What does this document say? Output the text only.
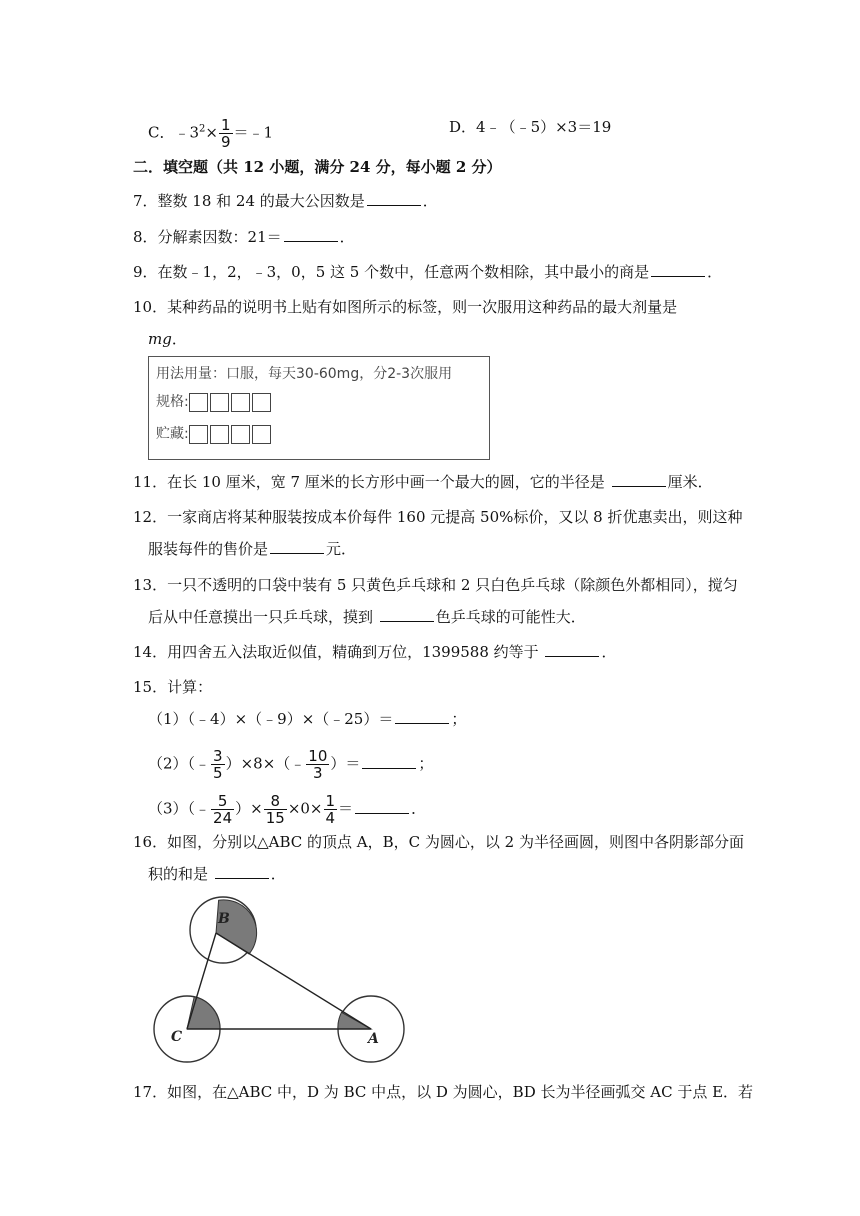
C．$﹣3^2\times \frac{1}{9}$ ＝﹣1	D．4﹣（﹣5）×3＝19
二．填空题（共 12 小题，满分 24 分，每小题 2 分）
7．整数 18 和 24 的最大公因数是	．
8．分解素因数：21＝	．
9．在数﹣1，2，﹣3，0，5 这 5 个数中，任意两个数相除，其中最小的商是	．
10．某种药品的说明书上贴有如图所示的标签，则一次服用这种药品的最大剂量是
mg．
用法用量：口服，每天30-60mg，分2-3次服用
规格:
贮藏:
11．在长 10 厘米，宽 7 厘米的长方形中画一个最大的圆，它的半径是	厘米．
12．一家商店将某种服装按成本价每件 160 元提高 50%标价，又以 8 折优惠卖出，则这种
服装每件的售价是	元．
13．一只不透明的口袋中装有 5 只黄色乒乓球和 2 只白色乒乓球（除颜色外都相同），搅匀
后从中任意摸出一只乒乓球，摸到	色乒乓球的可能性大．
14．用四舍五入法取近似值，精确到万位，1399588 约等于	．
15．计算：
（1）（﹣4）×（﹣9）×（﹣25）＝	；
（2）（﹣ $\frac{3}{5}$ ）×8×（﹣ $\frac{10}{3}$ ）＝	；
（3）（﹣ $\frac{5}{24}$ ）× $\frac{8}{15} \times 0\times \frac{1}{4}$ ＝	．
16．如图，分别以△ABC 的顶点 A，B，C 为圆心，以 2 为半径画圆，则图中各阴影部分面
积的和是	．
B
C	A
17．如图，在△ABC 中，D 为 BC 中点，以 D 为圆心，BD 长为半径画弧交 AC 于点 E．若
